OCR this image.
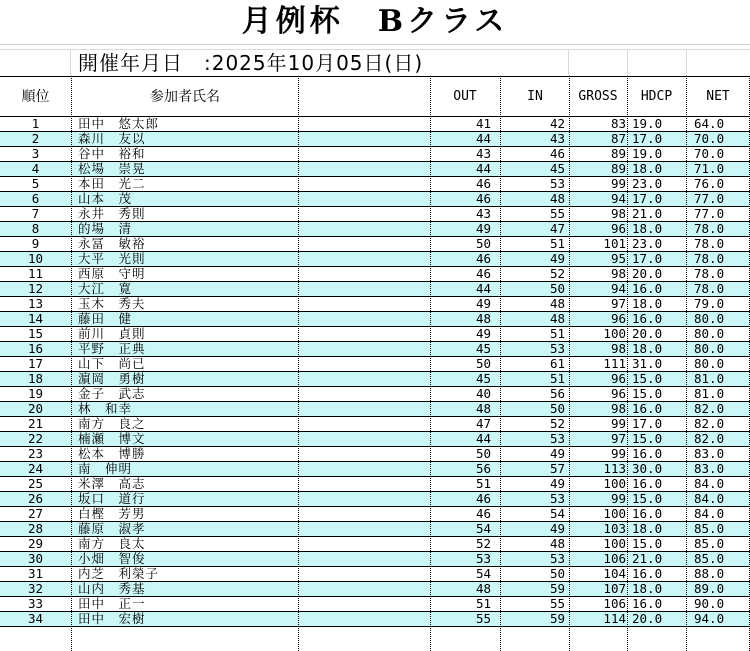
月例杯　Bクラス
開催年月日　:2025年10月05日(日)
順位	参加者氏名	OUT	IN	GROSS	HDCP	NET
1	田中　悠太郎	41	42	83 19.0	64.0
2	森川　友以	44	43	87 17.0	70.0
3	谷中　裕和	43	46	89 19.0	70.0
4	松場　崇晃	44	45	89 18.0	71.0
5	本田　光二	46	53	99 23.0	76.0
6	山本　茂	46	48	94 17.0	77.0
7	永井　秀則	43	55	98 21.0	77.0
8	的場　清	49	47	96 18.0	78.0
9	永冨　敏裕	50	51	101 23.0	78.0
10	大平　光則	46	49	95 17.0	78.0
11	西原　守明	46	52	98 20.0	78.0
12	大江　寛	44	50	94 16.0	78.0
13	玉木　秀夫	49	48	97 18.0	79.0
14	藤田　健	48	48	96 16.0	80.0
15	前川　貞則	49	51	100 20.0	80.0
16	平野　正典	45	53	98 18.0	80.0
17	山下　尚已	50	61	111 31.0	80.0
18	濵岡　勇樹	45	51	96 15.0	81.0
19	金子　武志	40	56	96 15.0	81.0
20	林　和幸	48	50	98 16.0	82.0
21	南方　良之	47	52	99 17.0	82.0
22	楠瀬　博文	44	53	97 15.0	82.0
23	松本　博勝	50	49	99 16.0	83.0
24	南　伸明	56	57	113 30.0	83.0
25	米澤　高志	51	49	100 16.0	84.0
26	坂口　道行	46	53	99 15.0	84.0
27	白樫　芳男	46	54	100 16.0	84.0
28	藤原　淑孝	54	49	103 18.0	85.0
29	南方　良太	52	48	100 15.0	85.0
30	小畑　智俊	53	53	106 21.0	85.0
31	内芝　利榮子	54	50	104 16.0	88.0
32	山内　秀基	48	59	107 18.0	89.0
33	田中　正一	51	55	106 16.0	90.0
34	田中　宏樹	55	59	114 20.0	94.0
